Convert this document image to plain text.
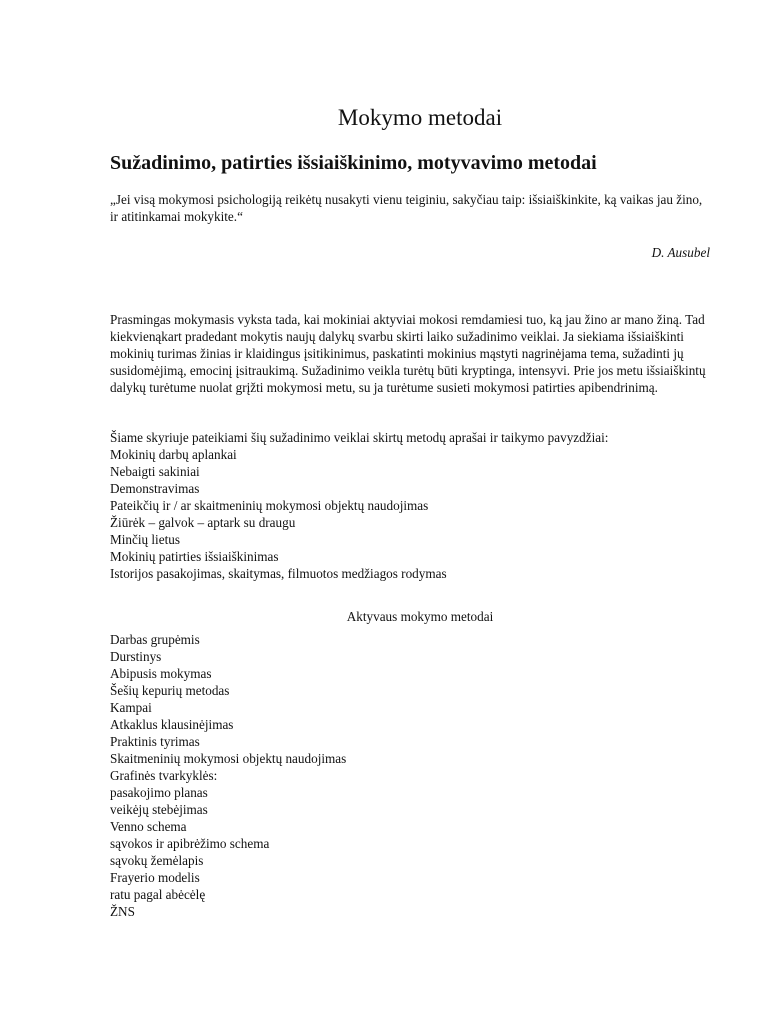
Mokymo metodai
Sužadinimo, patirties išsiaiškinimo, motyvavimo metodai
„Jei visą mokymosi psichologiją reikėtų nusakyti vienu teiginiu, sakyčiau taip: išsiaiškinkite, ką vaikas jau žino, ir atitinkamai mokykite.“
D. Ausubel

Prasmingas mokymasis vyksta tada, kai mokiniai aktyviai mokosi remdamiesi tuo, ką jau žino ar mano žiną. Tad kiekvienąkart pradedant mokytis naujų dalykų svarbu skirti laiko sužadinimo veiklai. Ja siekiama išsiaiškinti mokinių turimas žinias ir klaidingus įsitikinimus, paskatinti mokinius mąstyti nagrinėjama tema, sužadinti jų susidomėjimą, emocinį įsitraukimą. Sužadinimo veikla turėtų būti kryptinga, intensyvi. Prie jos metu išsiaiškintų dalykų turėtume nuolat grįžti mokymosi metu, su ja turėtume susieti mokymosi patirties apibendrinimą.

Šiame skyriuje pateikiami šių sužadinimo veiklai skirtų metodų aprašai ir taikymo pavyzdžiai:
Mokinių darbų aplankai
Nebaigti sakiniai
Demonstravimas
Pateikčių ir / ar skaitmeninių mokymosi objektų naudojimas
Žiūrėk – galvok – aptark su draugu
Minčių lietus
Mokinių patirties išsiaiškinimas
Istorijos pasakojimas, skaitymas, filmuotos medžiagos rodymas
Aktyvaus mokymo metodai
Darbas grupėmis
Durstinys
Abipusis mokymas
Šešių kepurių metodas
Kampai
Atkaklus klausinėjimas
Praktinis tyrimas
Skaitmeninių mokymosi objektų naudojimas
Grafinės tvarkyklės:
pasakojimo planas
veikėjų stebėjimas
Venno schema
sąvokos ir apibrėžimo schema
sąvokų žemėlapis
Frayerio modelis
ratu pagal abėcėlę
ŽNS
